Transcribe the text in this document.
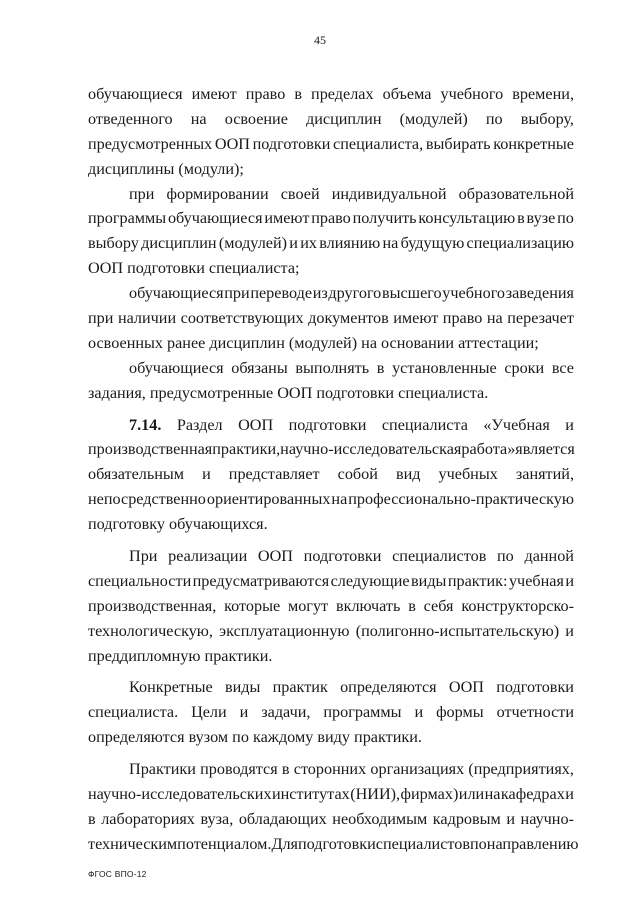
45
обучающиеся имеют право в пределах объема учебного времени,
отведенного на освоение дисциплин (модулей) по выбору,
предусмотренных ООП подготовки специалиста, выбирать конкретные
дисциплины (модули);
при формировании своей индивидуальной образовательной
программы обучающиеся имеют право получить консультацию в вузе по
выбору дисциплин (модулей) и их влиянию на будущую специализацию
ООП подготовки специалиста;
обучающиеся при переводе из другого высшего учебного заведения
при наличии соответствующих документов имеют право на перезачет
освоенных ранее дисциплин (модулей) на основании аттестации;
обучающиеся обязаны выполнять в установленные сроки все
задания, предусмотренные ООП подготовки специалиста.
7.14. Раздел ООП подготовки специалиста «Учебная и
производственная практики, научно-исследовательская работа» является
обязательным и представляет собой вид учебных занятий,
непосредственно ориентированных на профессионально-практическую
подготовку обучающихся.
При реализации ООП подготовки специалистов по данной
специальности предусматриваются следующие виды практик: учебная и
производственная, которые могут включать в себя конструкторско-
технологическую, эксплуатационную (полигонно-испытательскую) и
преддипломную практики.
Конкретные виды практик определяются ООП подготовки
специалиста. Цели и задачи, программы и формы отчетности
определяются вузом по каждому виду практики.
Практики проводятся в сторонних организациях (предприятиях,
научно-исследовательских институтах (НИИ), фирмах) или на кафедрах и
в лабораториях вуза, обладающих необходимым кадровым и научно-
техническим потенциалом. Для подготовки специалистов по направлению
ФГОС ВПО-12
